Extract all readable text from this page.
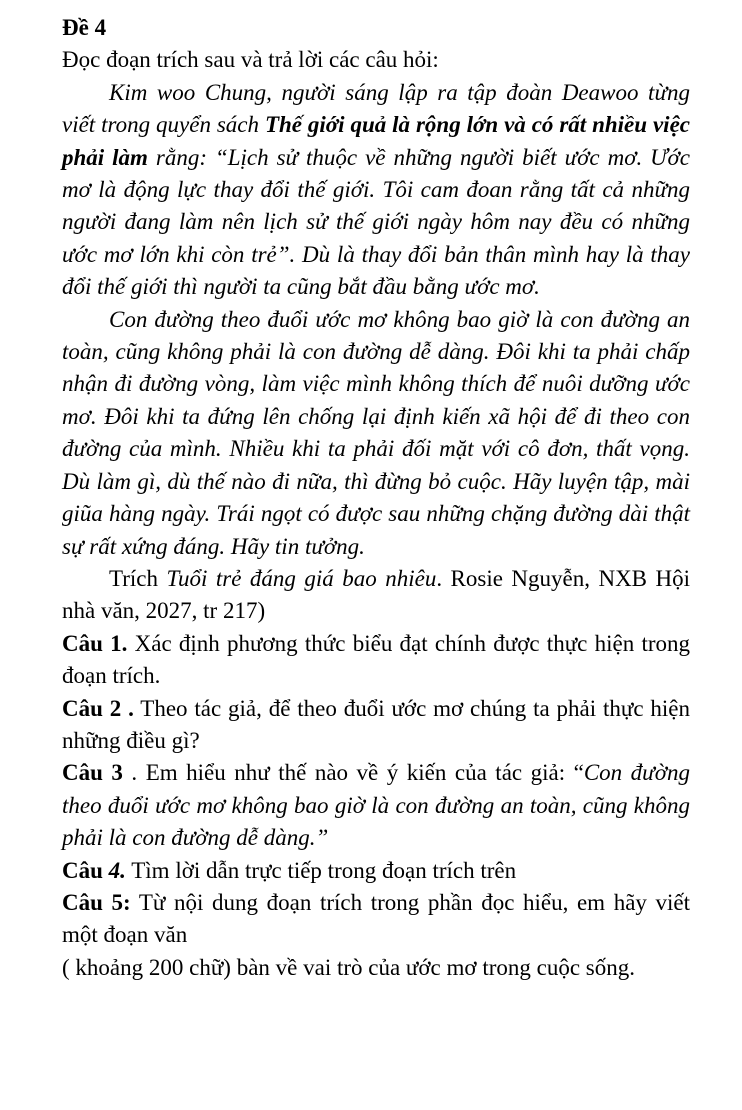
Đề 4

Đọc đoạn trích sau và trả lời các câu hỏi:

Kim woo Chung, người sáng lập ra tập đoàn Deawoo từng viết trong quyển sách Thế giới quả là rộng lớn và có rất nhiều việc phải làm rằng: “Lịch sử thuộc về những người biết ước mơ. Ước mơ là động lực thay đổi thế giới. Tôi cam đoan rằng tất cả những người đang làm nên lịch sử thế giới ngày hôm nay đều có những ước mơ lớn khi còn trẻ”. Dù là thay đổi bản thân mình hay là thay đổi thế giới thì người ta cũng bắt đầu bằng ước mơ.

Con đường theo đuổi ước mơ không bao giờ là con đường an toàn, cũng không phải là con đường dễ dàng. Đôi khi ta phải chấp nhận đi đường vòng, làm việc mình không thích để nuôi dưỡng ước mơ. Đôi khi ta đứng lên chống lại định kiến xã hội để đi theo con đường của mình. Nhiều khi ta phải đối mặt với cô đơn, thất vọng. Dù làm gì, dù thế nào đi nữa, thì đừng bỏ cuộc. Hãy luyện tập, mài giũa hàng ngày. Trái ngọt có được sau những chặng đường dài thật sự rất xứng đáng. Hãy tin tưởng.

Trích Tuổi trẻ đáng giá bao nhiêu. Rosie Nguyễn, NXB Hội nhà văn, 2027, tr 217)

Câu 1. Xác định phương thức biểu đạt chính được thực hiện trong đoạn trích.

Câu 2 . Theo tác giả, để theo đuổi ước mơ chúng ta phải thực hiện những điều gì?

Câu 3 . Em hiểu như thế nào về ý kiến của tác giả: “Con đường theo đuổi ước mơ không bao giờ là con đường an toàn, cũng không phải là con đường dễ dàng.”

Câu 4. Tìm lời dẫn trực tiếp trong đoạn trích trên

Câu 5: Từ nội dung đoạn trích trong phần đọc hiểu, em hãy viết một đoạn văn

( khoảng 200 chữ) bàn về vai trò của ước mơ trong cuộc sống.
